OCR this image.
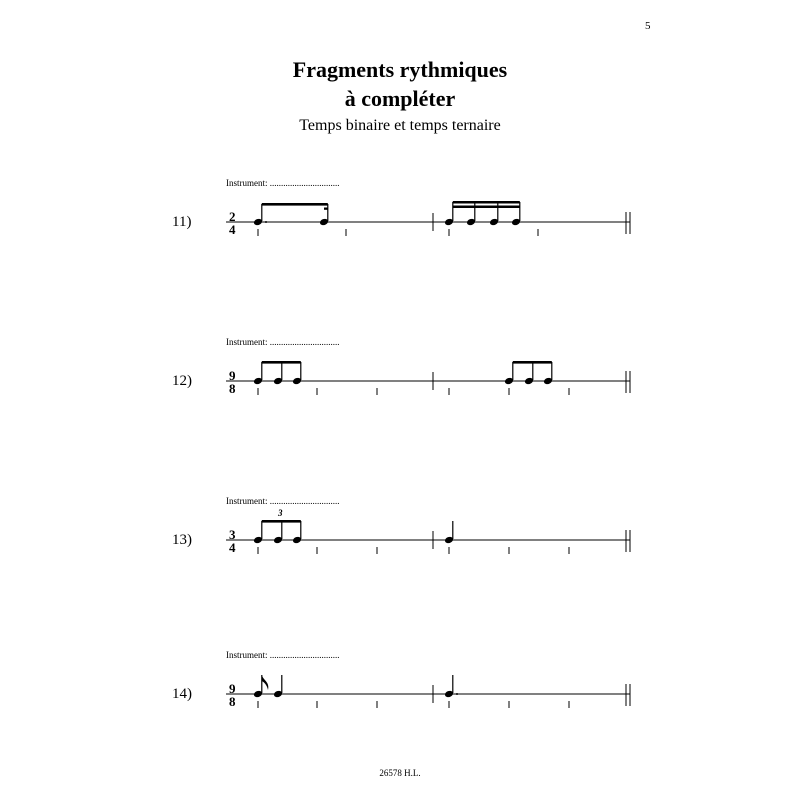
5
Fragments rythmiques
à compléter
Temps binaire et temps ternaire
Instrument: ...............................
11)	2
4
Instrument: ...............................
12)	9
8
Instrument: ...............................
13)	3
4
3
Instrument: ...............................
14)	9
8
26578 H.L.
